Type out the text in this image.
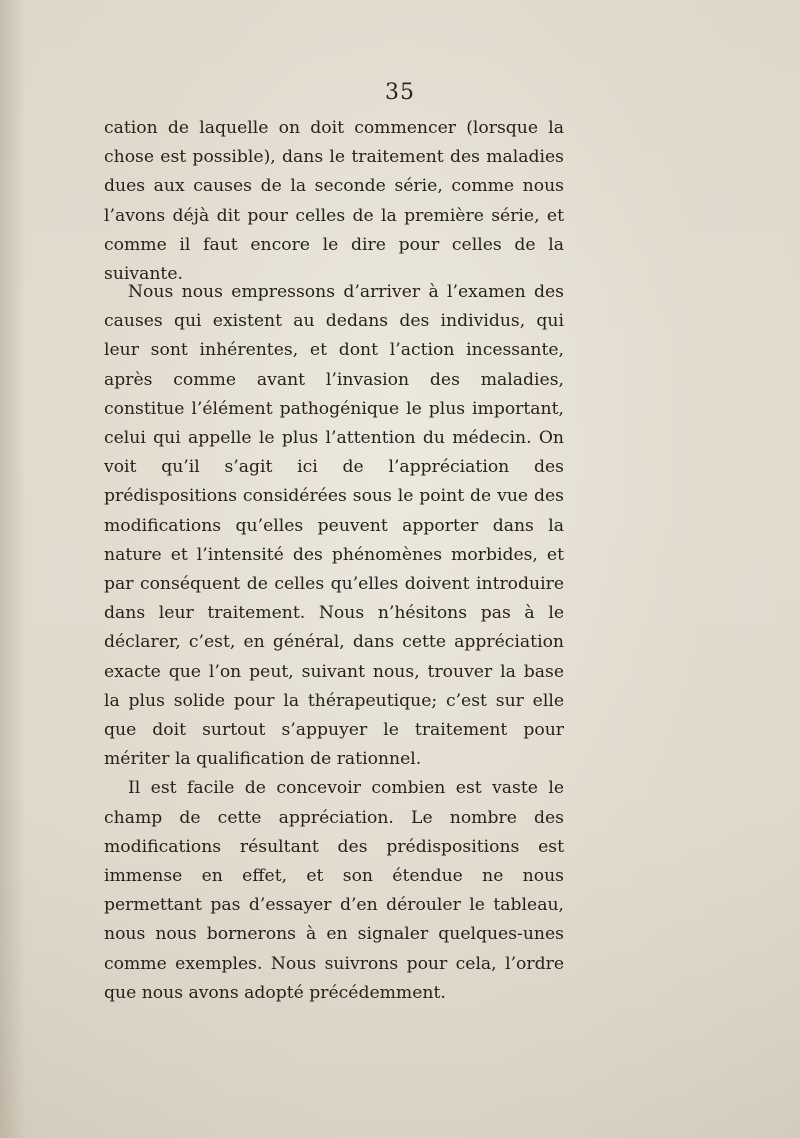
35

cation de laquelle on doit commencer (lorsque la chose est possible), dans le traitement des maladies dues aux causes de la seconde série, comme nous l’avons déjà dit pour celles de la première série, et comme il faut encore le dire pour celles de la suivante.

Nous nous empressons d’arriver à l’examen des causes qui existent au dedans des individus, qui leur sont inhérentes, et dont l’action incessante, après comme avant l’invasion des maladies, constitue l’élément pathogénique le plus important, celui qui appelle le plus l’attention du médecin. On voit qu’il s’agit ici de l’appréciation des prédispositions considérées sous le point de vue des modifications qu’elles peuvent apporter dans la nature et l’intensité des phénomènes morbides, et par conséquent de celles qu’elles doivent introduire dans leur traitement. Nous n’hésitons pas à le déclarer, c’est, en général, dans cette appréciation exacte que l’on peut, suivant nous, trouver la base la plus solide pour la thérapeutique; c’est sur elle que doit surtout s’appuyer le traitement pour mériter la qualification de rationnel.

Il est facile de concevoir combien est vaste le champ de cette appréciation. Le nombre des modifications résultant des prédispositions est immense en effet, et son étendue ne nous permettant pas d’essayer d’en dérouler le tableau, nous nous bornerons à en signaler quelques-unes comme exemples. Nous suivrons pour cela, l’ordre que nous avons adopté précédemment.
